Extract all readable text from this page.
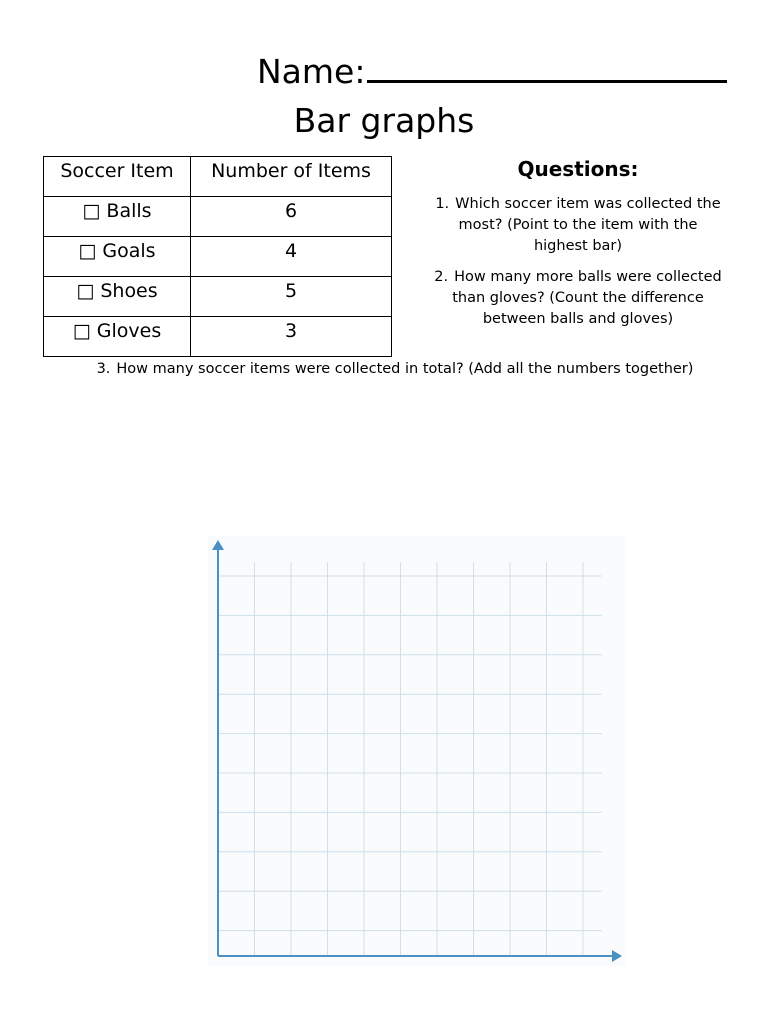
Name:
Bar graphs
Soccer Item	Number of Items
□ Balls	6
□ Goals	4
□ Shoes	5
□ Gloves	3
Questions:
1. Which soccer item was collected the most? (Point to the item with the highest bar)
2. How many more balls were collected than gloves? (Count the difference between balls and gloves)
3. How many soccer items were collected in total? (Add all the numbers together)
